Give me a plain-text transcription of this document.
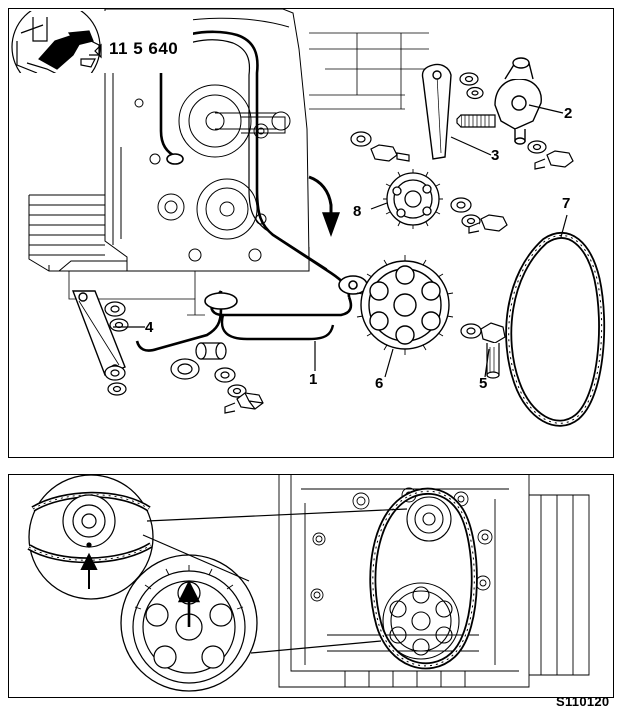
11 5 640
1
2
3
4
5
6
7
8
S110120
